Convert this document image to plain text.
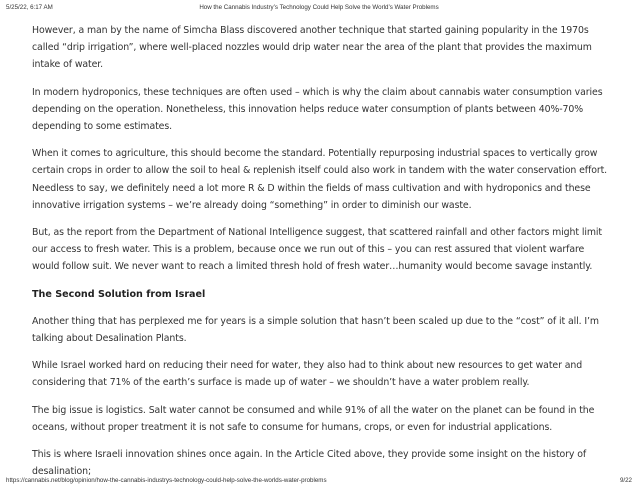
5/25/22, 6:17 AM	How the Cannabis Industry’s Technology Could Help Solve the World’s Water Problems

However, a man by the name of Simcha Blass discovered another technique that started gaining popularity in the 1970s called “drip irrigation”, where well-placed nozzles would drip water near the area of the plant that provides the maximum intake of water.

In modern hydroponics, these techniques are often used – which is why the claim about cannabis water consumption varies depending on the operation. Nonetheless, this innovation helps reduce water consumption of plants between 40%-70% depending to some estimates.

When it comes to agriculture, this should become the standard. Potentially repurposing industrial spaces to vertically grow certain crops in order to allow the soil to heal & replenish itself could also work in tandem with the water conservation effort. Needless to say, we definitely need a lot more R & D within the fields of mass cultivation and with hydroponics and these innovative irrigation systems – we’re already doing “something” in order to diminish our waste.

But, as the report from the Department of National Intelligence suggest, that scattered rainfall and other factors might limit our access to fresh water. This is a problem, because once we run out of this – you can rest assured that violent warfare would follow suit. We never want to reach a limited thresh hold of fresh water…humanity would become savage instantly.

The Second Solution from Israel

Another thing that has perplexed me for years is a simple solution that hasn’t been scaled up due to the “cost” of it all. I’m talking about Desalination Plants.

While Israel worked hard on reducing their need for water, they also had to think about new resources to get water and considering that 71% of the earth’s surface is made up of water – we shouldn’t have a water problem really.

The big issue is logistics. Salt water cannot be consumed and while 91% of all the water on the planet can be found in the oceans, without proper treatment it is not safe to consume for humans, crops, or even for industrial applications.

This is where Israeli innovation shines once again. In the Article Cited above, they provide some insight on the history of desalination;

https://cannabis.net/blog/opinion/how-the-cannabis-industrys-technology-could-help-solve-the-worlds-water-problems	9/22
